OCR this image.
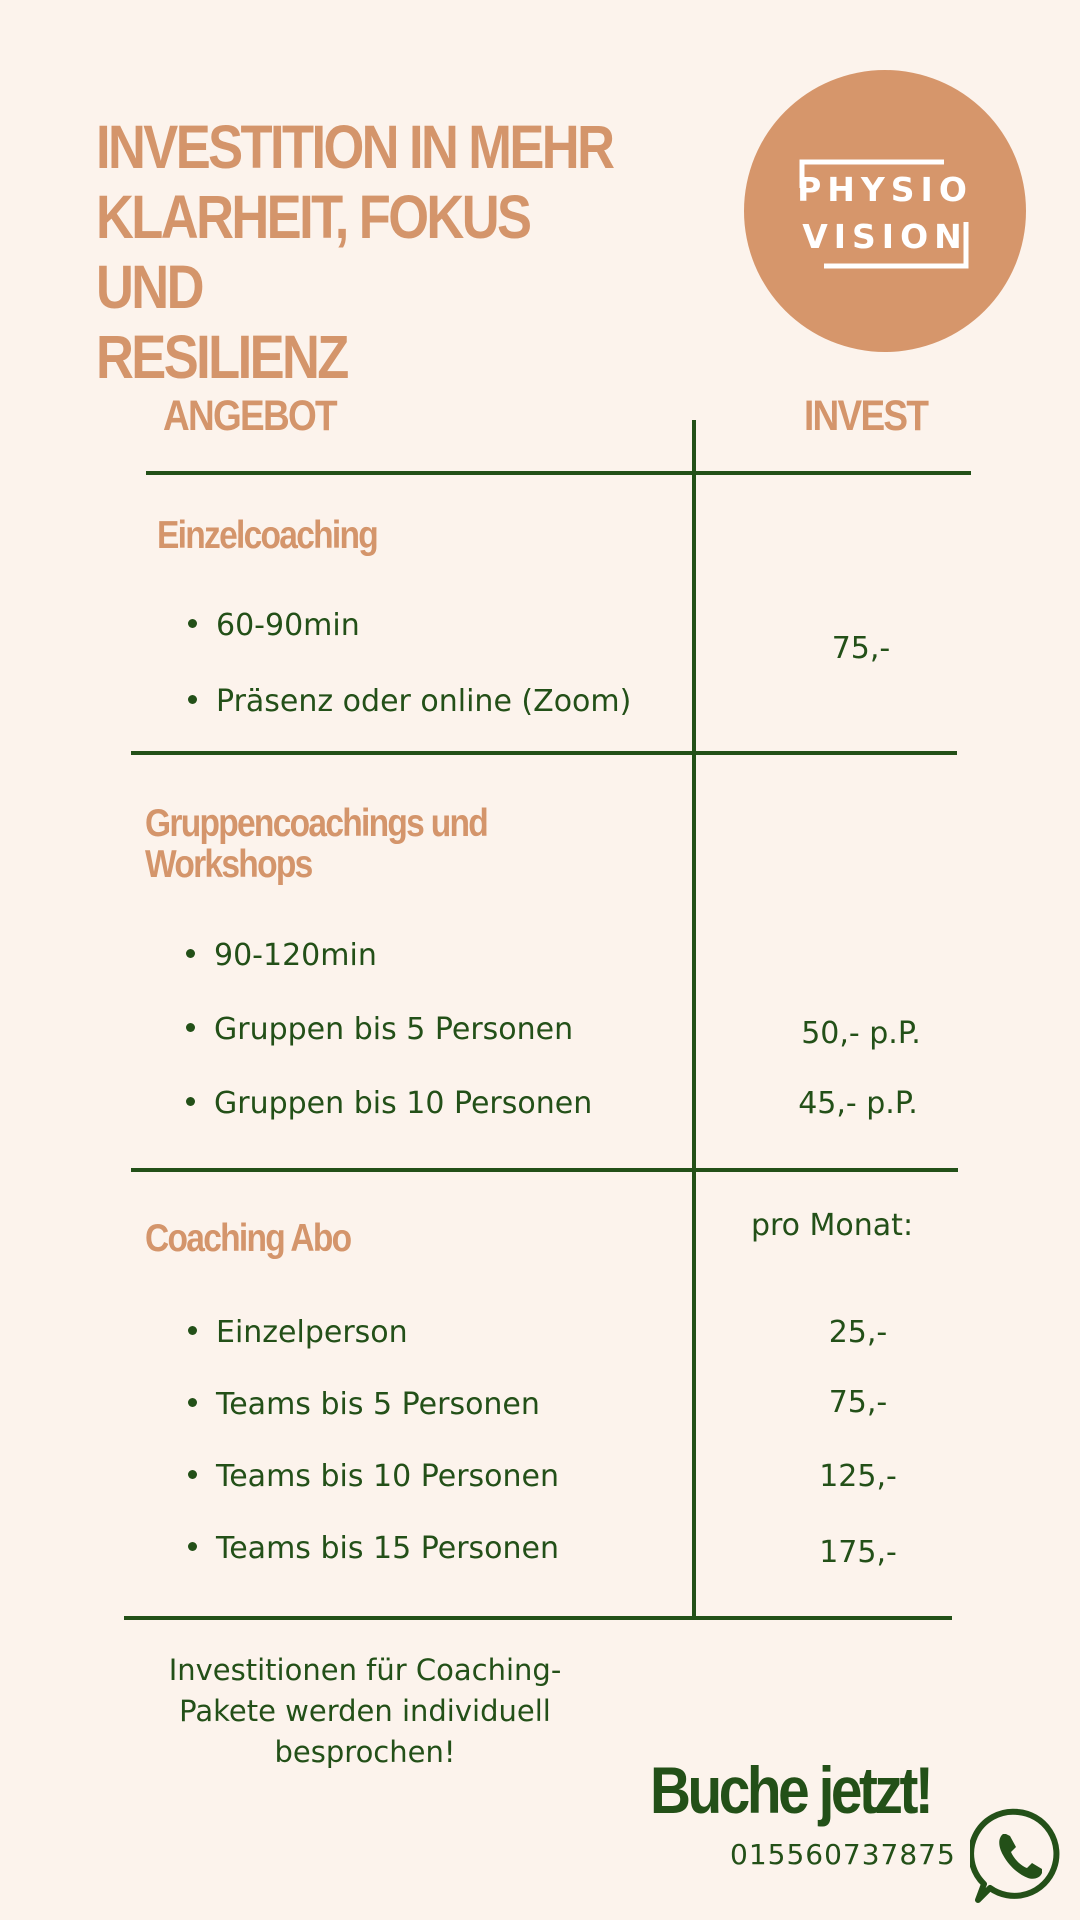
INVESTITION IN MEHR
KLARHEIT, FOKUS UND
RESILIENZ
PHYSIO
VISION
ANGEBOT	INVEST
Einzelcoaching
60-90min
Präsenz oder online (Zoom)
75,-
Gruppencoachings und Workshops
90-120min
Gruppen bis 5 Personen
Gruppen bis 10 Personen
50,- p.P.
45,- p.P.
Coaching Abo	pro Monat:
Einzelperson
Teams bis 5 Personen
Teams bis 10 Personen
Teams bis 15 Personen
25,-
75,-
125,-
175,-
Investitionen für Coaching-Pakete werden individuell besprochen!
Buche jetzt!
015560737875
